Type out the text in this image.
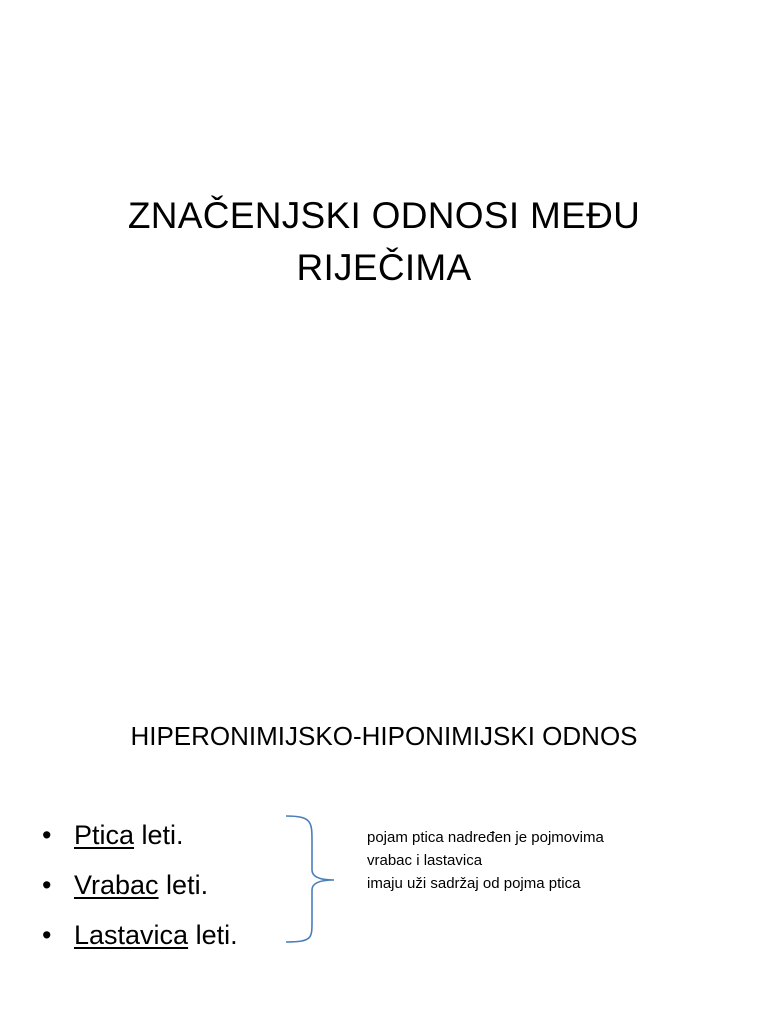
ZNAČENJSKI ODNOSI MEĐU
RIJEČIMA
HIPERONIMIJSKO-HIPONIMIJSKI ODNOS
• Ptica leti.
• Vrabac leti.
• Lastavica leti.
pojam ptica nadređen je pojmovima
vrabac i lastavica
imaju uži sadržaj od pojma ptica
